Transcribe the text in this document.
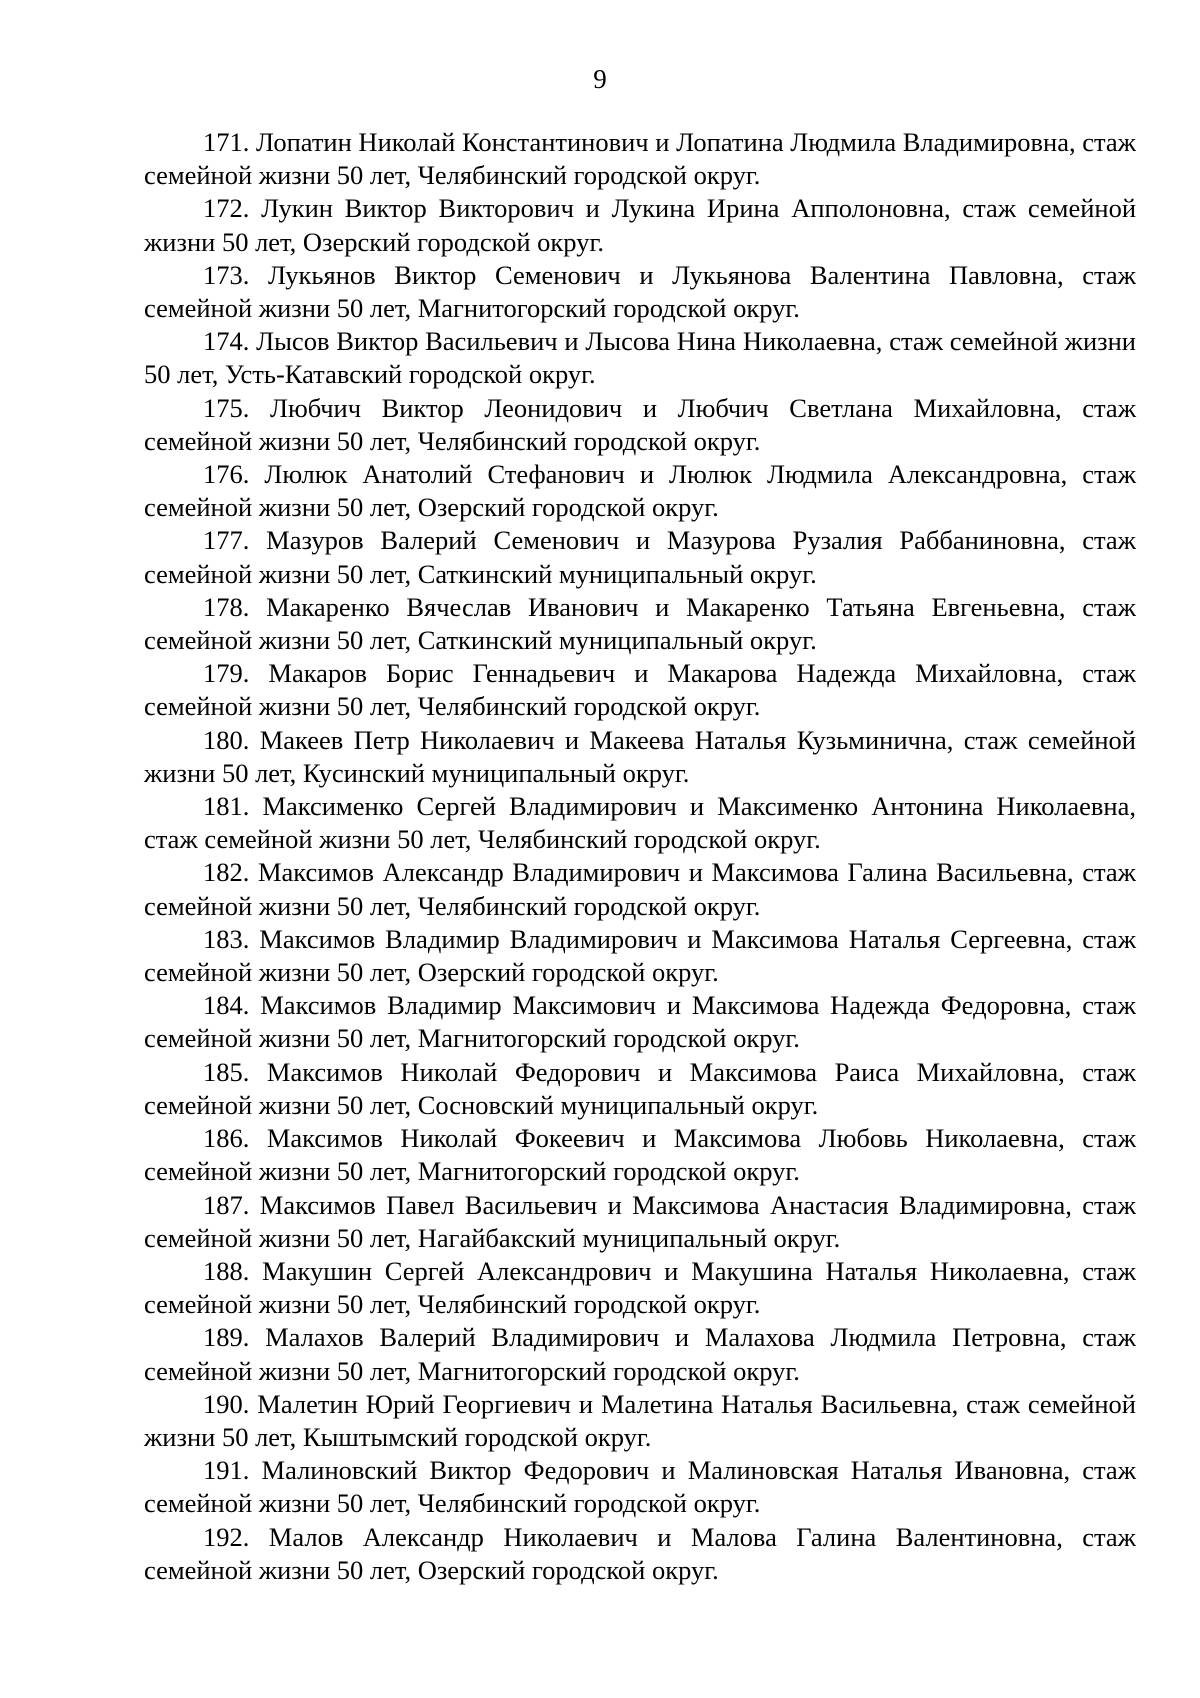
9

171. Лопатин Николай Константинович и Лопатина Людмила Владимировна, стаж семейной жизни 50 лет, Челябинский городской округ.

172. Лукин Виктор Викторович и Лукина Ирина Апполоновна, стаж семейной жизни 50 лет, Озерский городской округ.

173. Лукьянов Виктор Семенович и Лукьянова Валентина Павловна, стаж семейной жизни 50 лет, Магнитогорский городской округ.

174. Лысов Виктор Васильевич и Лысова Нина Николаевна, стаж семейной жизни 50 лет, Усть-Катавский городской округ.

175. Любчич Виктор Леонидович и Любчич Светлана Михайловна, стаж семейной жизни 50 лет, Челябинский городской округ.

176. Люлюк Анатолий Стефанович и Люлюк Людмила Александровна, стаж семейной жизни 50 лет, Озерский городской округ.

177. Мазуров Валерий Семенович и Мазурова Рузалия Раббаниновна, стаж семейной жизни 50 лет, Саткинский муниципальный округ.

178. Макаренко Вячеслав Иванович и Макаренко Татьяна Евгеньевна, стаж семейной жизни 50 лет, Саткинский муниципальный округ.

179. Макаров Борис Геннадьевич и Макарова Надежда Михайловна, стаж семейной жизни 50 лет, Челябинский городской округ.

180. Макеев Петр Николаевич и Макеева Наталья Кузьминична, стаж семейной жизни 50 лет, Кусинский муниципальный округ.

181. Максименко Сергей Владимирович и Максименко Антонина Николаевна, стаж семейной жизни 50 лет, Челябинский городской округ.

182. Максимов Александр Владимирович и Максимова Галина Васильевна, стаж семейной жизни 50 лет, Челябинский городской округ.

183. Максимов Владимир Владимирович и Максимова Наталья Сергеевна, стаж семейной жизни 50 лет, Озерский городской округ.

184. Максимов Владимир Максимович и Максимова Надежда Федоровна, стаж семейной жизни 50 лет, Магнитогорский городской округ.

185. Максимов Николай Федорович и Максимова Раиса Михайловна, стаж семейной жизни 50 лет, Сосновский муниципальный округ.

186. Максимов Николай Фокеевич и Максимова Любовь Николаевна, стаж семейной жизни 50 лет, Магнитогорский городской округ.

187. Максимов Павел Васильевич и Максимова Анастасия Владимировна, стаж семейной жизни 50 лет, Нагайбакский муниципальный округ.

188. Макушин Сергей Александрович и Макушина Наталья Николаевна, стаж семейной жизни 50 лет, Челябинский городской округ.

189. Малахов Валерий Владимирович и Малахова Людмила Петровна, стаж семейной жизни 50 лет, Магнитогорский городской округ.

190. Малетин Юрий Георгиевич и Малетина Наталья Васильевна, стаж семейной жизни 50 лет, Кыштымский городской округ.

191. Малиновский Виктор Федорович и Малиновская Наталья Ивановна, стаж семейной жизни 50 лет, Челябинский городской округ.

192. Малов Александр Николаевич и Малова Галина Валентиновна, стаж семейной жизни 50 лет, Озерский городской округ.
